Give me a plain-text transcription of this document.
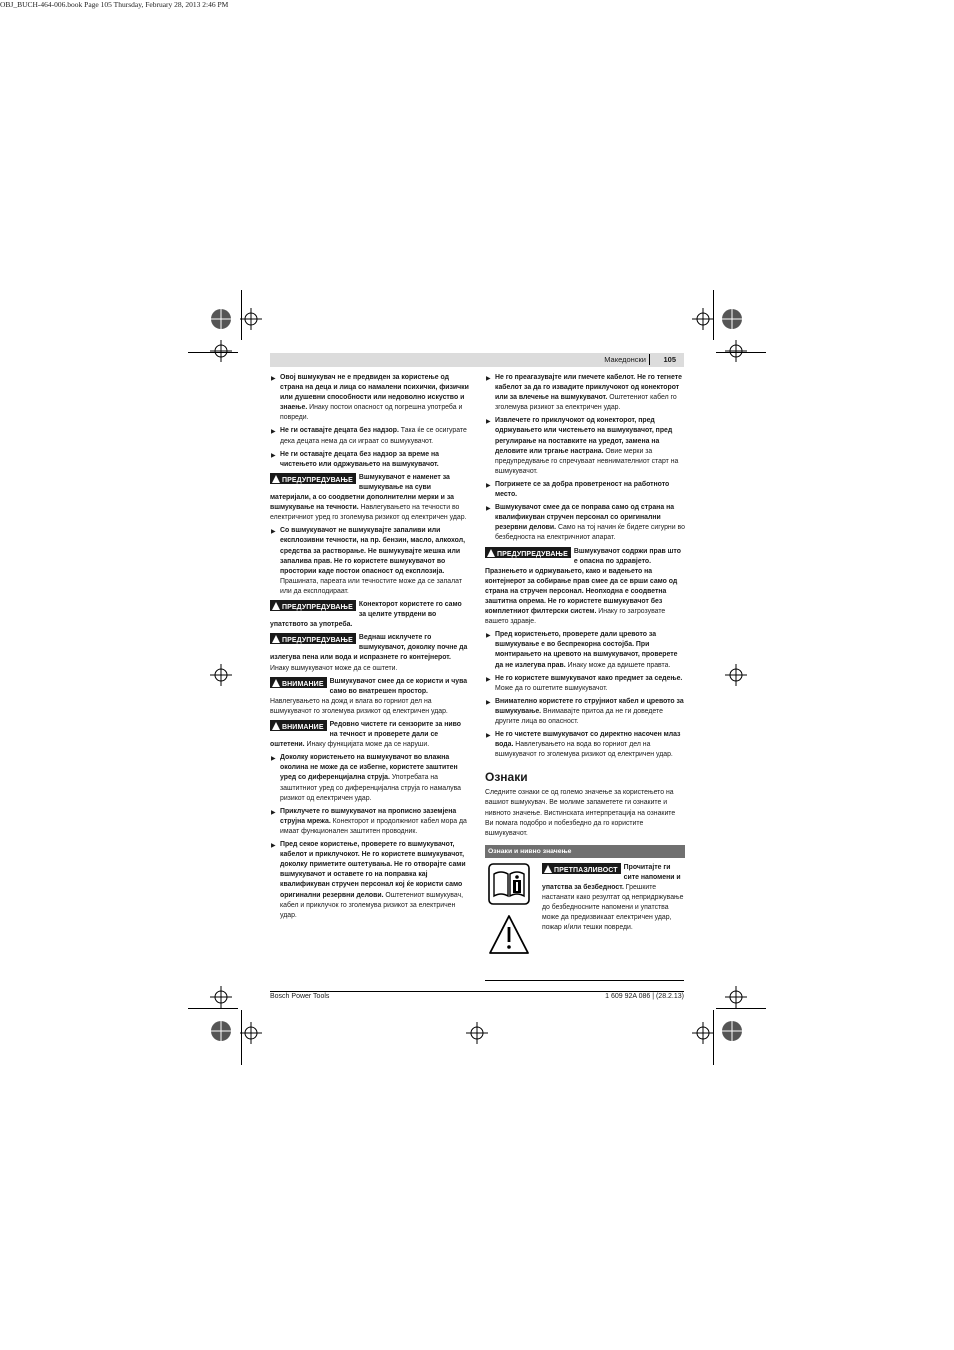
OBJ_BUCH-464-006.book Page 105 Thursday, February 28, 2013 2:46 PM
Македонски 105
▶ Овој вшмукувач не е предвиден за користење од страна на деца и лица со намалени психички, физички или душевни способности или недоволно искуство и знаење. Инаку постои опасност од погрешна употреба и повреди.
▶ Не ги оставајте децата без надзор. Така ќе се осигурате дека децата нема да си играат со вшмукувачот.
▶ Не ги оставајте децата без надзор за време на чистењето или одржувањето на вшмукувачот.
ПРЕДУПРЕДУВАЊЕ Вшмукувачот е наменет за вшмукување на суви материјали, а со соодветни дополнителни мерки и за вшмукување на течности. Навлегувањето на течности во електричниот уред го зголемува ризикот од електричен удар.
▶ Со вшмукувачот не вшмукувајте запаливи или експлозивни течности, на пр. бензин, масло, алкохол, средства за растворање. Не вшмукувајте жешка или запалива прав. Не го користете вшмукувачот во простории каде постои опасност од експлозија. Прашината, пареата или течностите може да се запалат или да експлодираат.
ПРЕДУПРЕДУВАЊЕ Конекторот користете го само за целите утврдени во упатството за употреба.
ПРЕДУПРЕДУВАЊЕ Веднаш исклучете го вшмукувачот, доколку почне да излегува пена или вода и испразнете го контејнерот. Инаку вшмукувачот може да се оштети.
ВНИМАНИЕ Вшмукувачот смее да се користи и чува само во внатрешен простор. Навлегувањето на дожд и влага во горниот дел на вшмукувачот го зголемува ризикот од електричен удар.
ВНИМАНИЕ Редовно чистете ги сензорите за ниво на течност и проверете дали се оштетени. Инаку функцијата може да се наруши.
▶ Доколку користењето на вшмукувачот во влажна околина не може да се избегне, користете заштитен уред со диференцијална струја. Употребата на заштитниот уред со диференцијална струја го намалува ризикот од електричен удар.
▶ Приклучете го вшмукувачот на прописно заземјена струјна мрежа. Конекторот и продолжниот кабел мора да имаат функционален заштитен проводник.
▶ Пред секое користење, проверете го вшмукувачот, кабелот и приклучокот. Не го користете вшмукувачот, доколку приметите оштетувања. Не го отворајте сами вшмукувачот и оставете го на поправка кај квалификуван стручен персонал кој ќе користи само оригинални резервни делови. Оштетениот вшмукувач, кабел и приклучок го зголемува ризикот за електричен удар.
▶ Не го преагазувајте или гмечете кабелот. Не го тегнете кабелот за да го извадите приклучокот од конекторот или за влечење на вшмукувачот. Оштетениот кабел го зголемува ризикот за електричен удар.
▶ Извлечете го приклучокот од конекторот, пред одржувањето или чистењето на вшмукувачот, пред регулирање на поставките на уредот, замена на деловите или тргање настрана. Овие мерки за предупредување го спречуваат невнимателниот старт на вшмукувачот.
▶ Погрижете се за добра проветреност на работното место.
▶ Вшмукувачот смее да се поправа само од страна на квалификуван стручен персонал со оригинални резервни делови. Само на тој начин ќе бидете сигурни во безбедноста на електричниот апарат.
ПРЕДУПРЕДУВАЊЕ Вшмукувачот содржи прав што е опасна по здравјето. Празнењето и одржувањето, како и вадењето на контејнерот за собирање прав смее да се врши само од страна на стручен персонал. Неопходна е соодветна заштитна опрема. Не го користете вшмукувачот без комплетниот филтерски систем. Инаку го загрозувате вашето здравје.
▶ Пред користењето, проверете дали цревото за вшмукување е во беспрекорна состојба. При монтирањето на цревото на вшмукувачот, проверете да не излегува прав. Инаку може да вдишете правта.
▶ Не го користете вшмукувачот како предмет за седење. Може да го оштетите вшмукувачот.
▶ Внимателно користете го струјниот кабел и цревото за вшмукување. Внимавајте притоа да не ги доведете другите лица во опасност.
▶ Не го чистете вшмукувачот со директно насочен млаз вода. Навлегувањето на вода во горниот дел на вшмукувачот го зголемува ризикот од електричен удар.
Ознаки
Следните ознаки се од големо значење за користењето на вашиот вшмукувач. Ве молиме запаметете ги ознаките и нивното значење. Вистинската интерпретација на ознаките Ви помага подобро и побезбедно да го користите вшмукувачот.
Ознаки и нивно значење
ПРЕТПАЗЛИВОСТ Прочитајте ги сите напомени и упатства за безбедност. Грешките настанати како резултат од непридржување до безбедносните напомени и упатства може да предизвикаат електричен удар, пожар и/или тешки повреди.
Bosch Power Tools	1 609 92A 086 | (28.2.13)
